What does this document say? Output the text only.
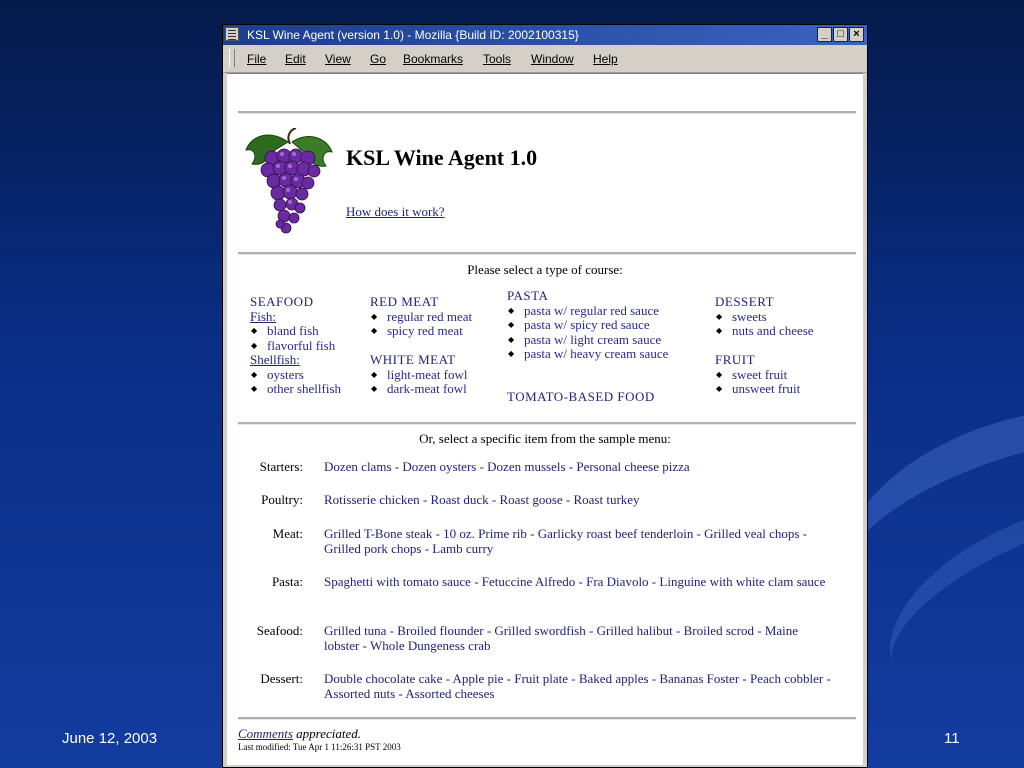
June 12, 2003	11
KSL Wine Agent (version 1.0) - Mozilla {Build ID: 2002100315}	_ □ ×
File Edit View Go Bookmarks Tools Window Help
KSL Wine Agent 1.0
How does it work?
Please select a type of course:
SEAFOOD
Fish:
◆ bland fish
◆ flavorful fish
Shellfish:
◆ oysters
◆ other shellfish
RED MEAT
◆ regular red meat
◆ spicy red meat
WHITE MEAT
◆ light-meat fowl
◆ dark-meat fowl
PASTA
◆ pasta w/ regular red sauce
◆ pasta w/ spicy red sauce
◆ pasta w/ light cream sauce
◆ pasta w/ heavy cream sauce
TOMATO-BASED FOOD
DESSERT
◆ sweets
◆ nuts and cheese
FRUIT
◆ sweet fruit
◆ unsweet fruit
Or, select a specific item from the sample menu:
Starters: Dozen clams - Dozen oysters - Dozen mussels - Personal cheese pizza
Poultry: Rotisserie chicken - Roast duck - Roast goose - Roast turkey
Meat: Grilled T-Bone steak - 10 oz. Prime rib - Garlicky roast beef tenderloin - Grilled veal chops - Grilled pork chops - Lamb curry
Pasta: Spaghetti with tomato sauce - Fetuccine Alfredo - Fra Diavolo - Linguine with white clam sauce
Seafood: Grilled tuna - Broiled flounder - Grilled swordfish - Grilled halibut - Broiled scrod - Maine lobster - Whole Dungeness crab
Dessert: Double chocolate cake - Apple pie - Fruit plate - Baked apples - Bananas Foster - Peach cobbler - Assorted nuts - Assorted cheeses
Comments appreciated.
Last modified: Tue Apr 1 11:26:31 PST 2003
